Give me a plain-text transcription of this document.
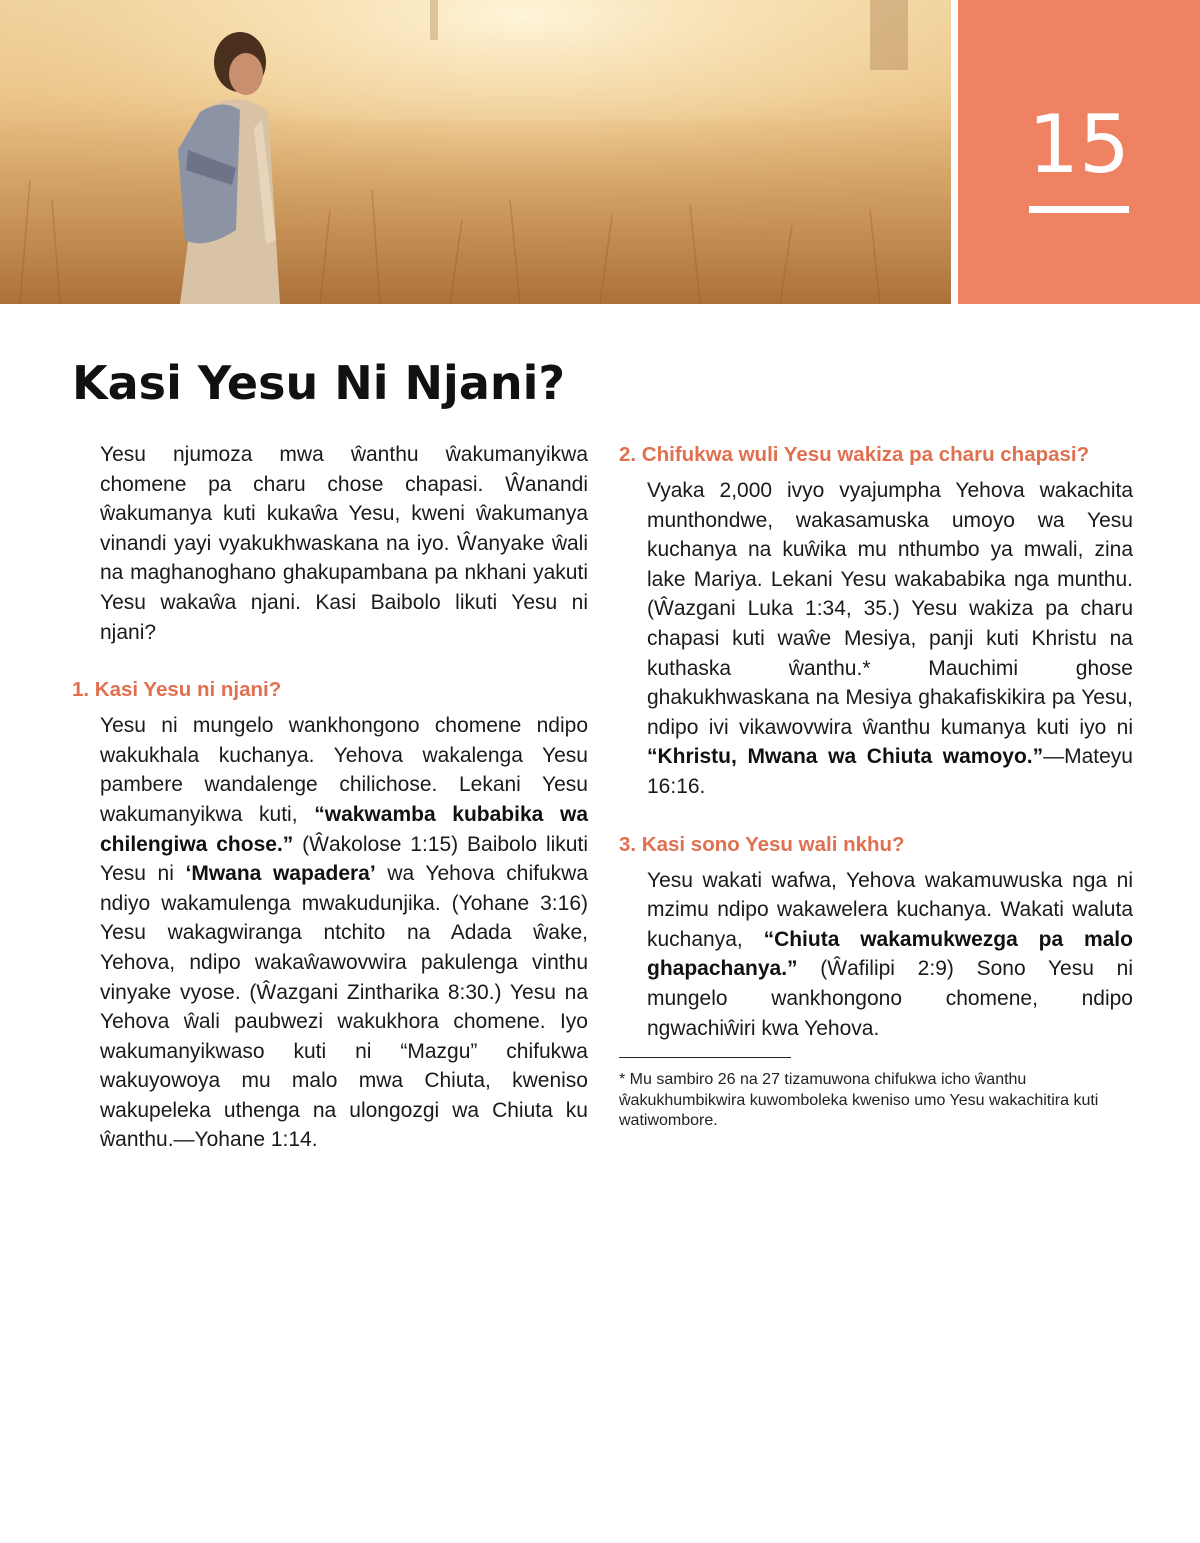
15
Kasi Yesu Ni Njani?

Yesu njumoza mwa ŵanthu ŵakumanyikwa chomene pa charu chose chapasi. Ŵanandi ŵakumanya kuti kukaŵa Yesu, kweni ŵakumanya vinandi yayi vyakukhwaskana na iyo. Ŵanyake ŵali na maghanoghano ghakupambana pa nkhani yakuti Yesu wakaŵa njani. Kasi Baibolo likuti Yesu ni njani?

1. Kasi Yesu ni njani?

Yesu ni mungelo wankhongono chomene ndipo wakukhala kuchanya. Yehova wakalenga Yesu pambere wandalenge chilichose. Lekani Yesu wakumanyikwa kuti, “wakwamba kubabika wa chilengiwa chose.” (Ŵakolose 1:15) Baibolo likuti Yesu ni ‘Mwana wapadera’ wa Yehova chifukwa ndiyo wakamulenga mwakudunjika. (Yohane 3:16) Yesu wakagwiranga ntchito na Adada ŵake, Yehova, ndipo wakaŵawovwira pakulenga vinthu vinyake vyose. (Ŵazgani Zintharika 8:30.) Yesu na Yehova ŵali paubwezi wakukhora chomene. Iyo wakumanyikwaso kuti ni “Mazgu” chifukwa wakuyowoya mu malo mwa Chiuta, kweniso wakupeleka uthenga na ulongozgi wa Chiuta ku ŵanthu.—Yohane 1:14.

2. Chifukwa wuli Yesu wakiza pa charu chapasi?

Vyaka 2,000 ivyo vyajumpha Yehova wakachita munthondwe, wakasamuska umoyo wa Yesu kuchanya na kuŵika mu nthumbo ya mwali, zina lake Mariya. Lekani Yesu wakababika nga munthu. (Ŵazgani Luka 1:34, 35.) Yesu wakiza pa charu chapasi kuti waŵe Mesiya, panji kuti Khristu na kuthaska ŵanthu.* Mauchimi ghose ghakukhwaskana na Mesiya ghakafiskikira pa Yesu, ndipo ivi vikawovwira ŵanthu kumanya kuti iyo ni “Khristu, Mwana wa Chiuta wamoyo.”—Mateyu 16:16.

3. Kasi sono Yesu wali nkhu?

Yesu wakati wafwa, Yehova wakamuwuska nga ni mzimu ndipo wakawelera kuchanya. Wakati waluta kuchanya, “Chiuta wakamukwezga pa malo ghapachanya.” (Ŵafilipi 2:9) Sono Yesu ni mungelo wankhongono chomene, ndipo ngwachiŵiri kwa Yehova.

* Mu sambiro 26 na 27 tizamuwona chifukwa icho ŵanthu ŵakukhumbikwira kuwomboleka kweniso umo Yesu wakachitira kuti watiwombore.
